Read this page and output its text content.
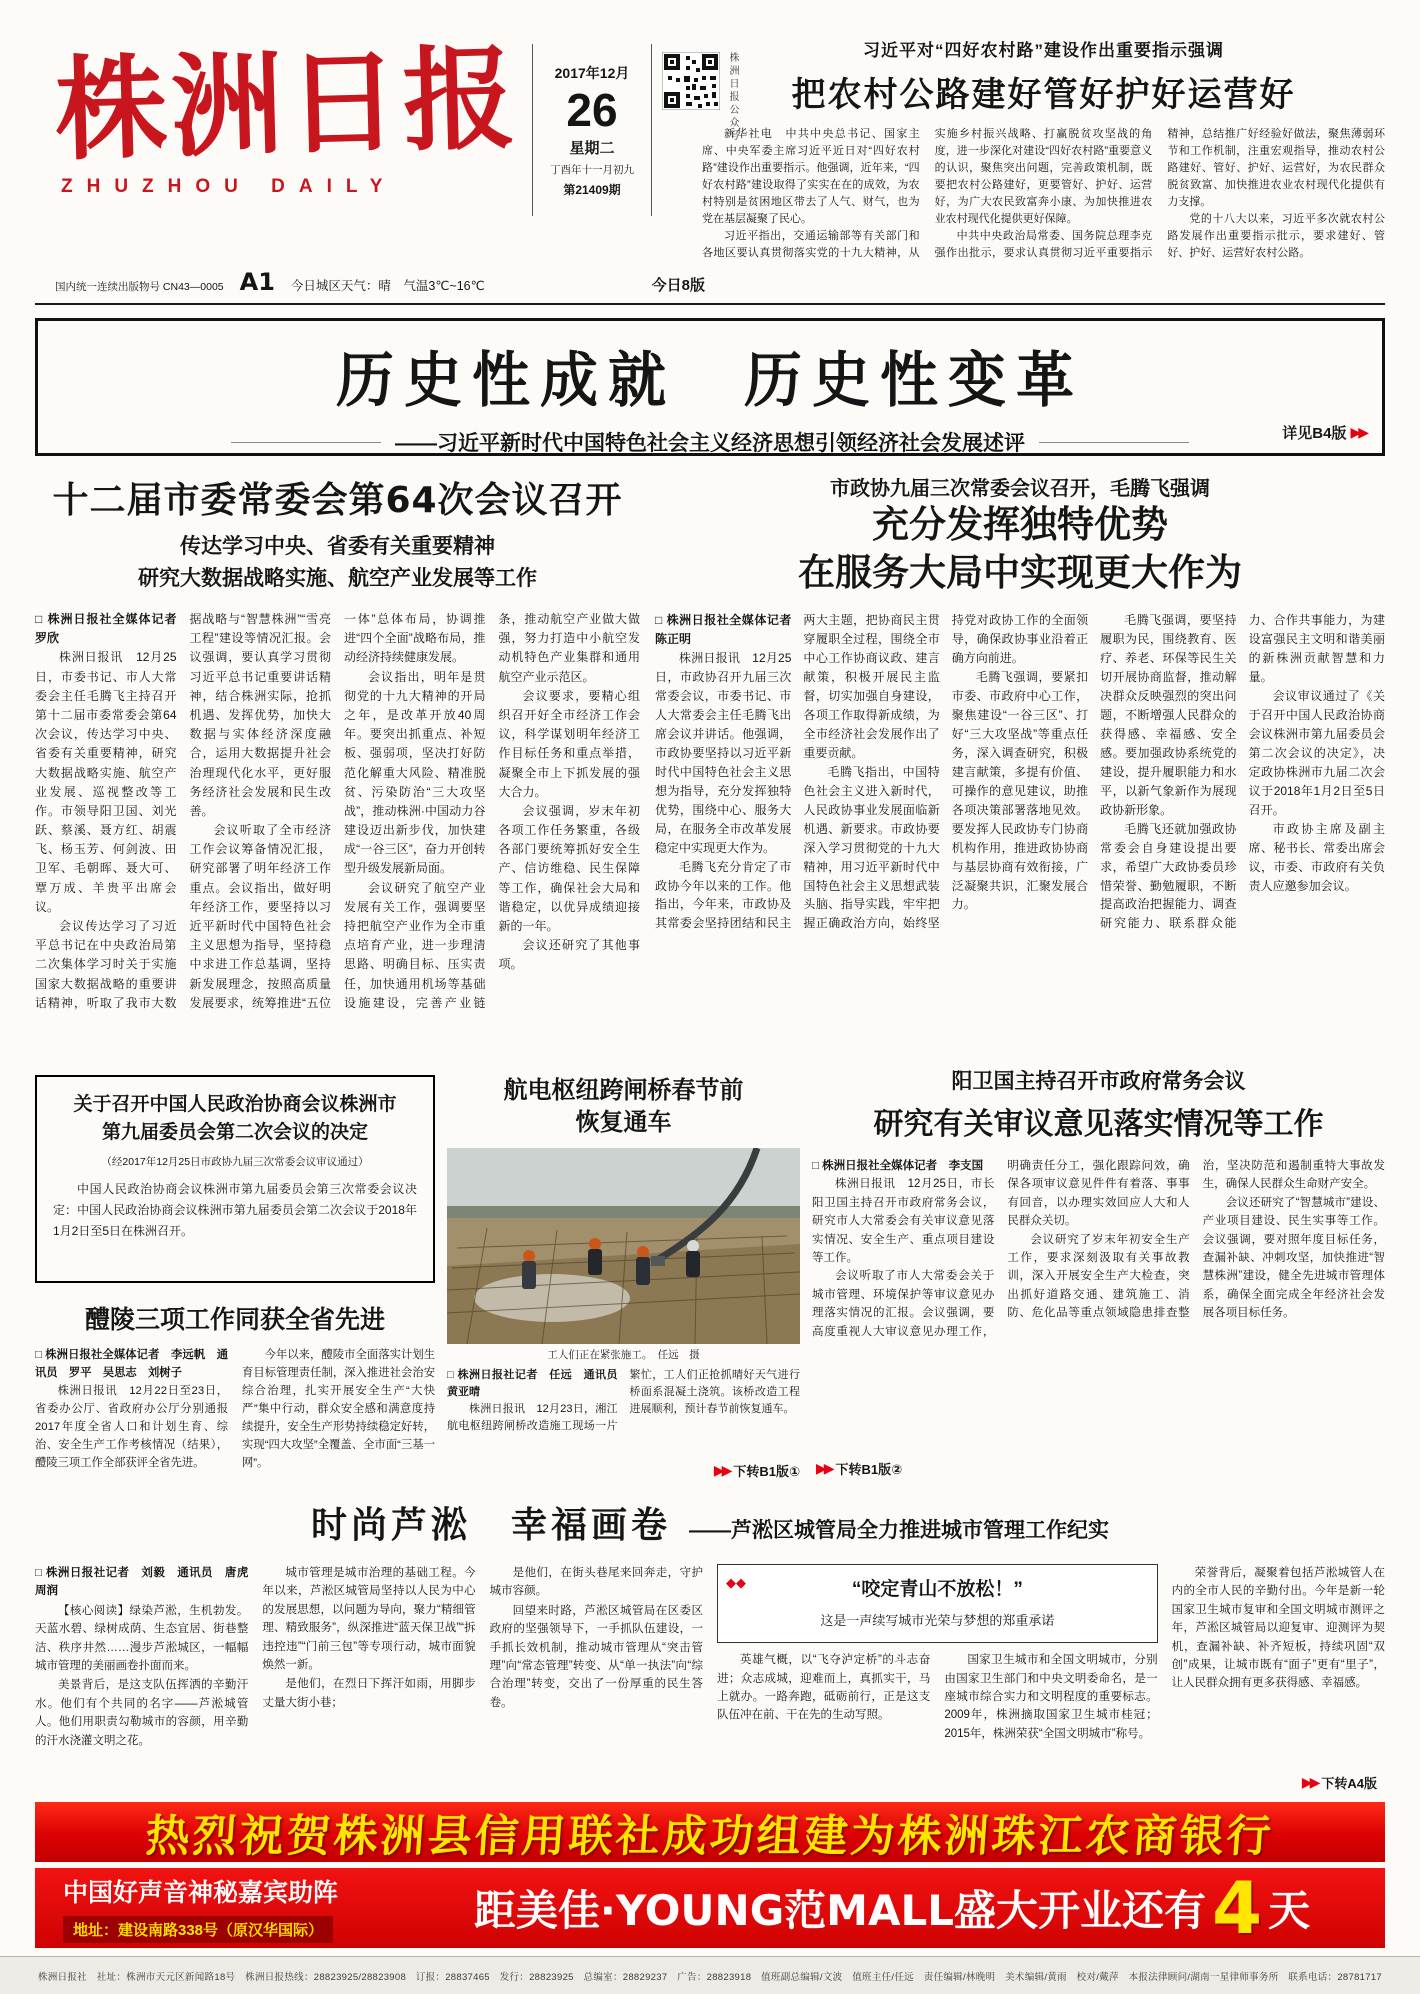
株洲日报
ZHUZHOU DAILY
2017年12月
26
星期二
丁酉年十一月初九
第21409期
株洲日报公众号
习近平对“四好农村路”建设作出重要指示强调
把农村公路建好管好护好运营好

新华社电　中共中央总书记、国家主席、中央军委主席习近平近日对“四好农村路”建设作出重要指示。他强调，近年来，“四好农村路”建设取得了实实在在的成效，为农村特别是贫困地区带去了人气、财气，也为党在基层凝聚了民心。

习近平指出，交通运输部等有关部门和各地区要认真贯彻落实党的十九大精神，从实施乡村振兴战略、打赢脱贫攻坚战的角度，进一步深化对建设“四好农村路”重要意义的认识，聚焦突出问题，完善政策机制，既要把农村公路建好，更要管好、护好、运营好，为广大农民致富奔小康、为加快推进农业农村现代化提供更好保障。

中共中央政治局常委、国务院总理李克强作出批示，要求认真贯彻习近平重要指示精神，总结推广好经验好做法，聚焦薄弱环节和工作机制，注重宏观指导，推动农村公路建好、管好、护好、运营好，为农民群众脱贫致富、加快推进农业农村现代化提供有力支撑。

党的十八大以来，习近平多次就农村公路发展作出重要指示批示，要求建好、管好、护好、运营好农村公路。

国内统一连续出版物号 CN43—0005 A1 今日城区天气：晴　气温3℃~16℃	今日8版
历史性成就　历史性变革
——习近平新时代中国特色社会主义经济思想引领经济社会发展述评	详见B4版 ▶▶
十二届市委常委会第64次会议召开
传达学习中央、省委有关重要精神
研究大数据战略实施、航空产业发展等工作

□ 株洲日报社全媒体记者　罗欣

株洲日报讯　12月25日，市委书记、市人大常委会主任毛腾飞主持召开第十二届市委常委会第64次会议，传达学习中央、省委有关重要精神，研究大数据战略实施、航空产业发展、巡视整改等工作。市领导阳卫国、刘光跃、蔡溪、聂方红、胡震飞、杨玉芳、何剑波、田卫军、毛朝晖、聂大可、覃万成、羊贵平出席会议。

会议传达学习了习近平总书记在中央政治局第二次集体学习时关于实施国家大数据战略的重要讲话精神，听取了我市大数据战略与“智慧株洲”“雪亮工程”建设等情况汇报。会议强调，要认真学习贯彻习近平总书记重要讲话精神，结合株洲实际，抢抓机遇、发挥优势，加快大数据与实体经济深度融合，运用大数据提升社会治理现代化水平，更好服务经济社会发展和民生改善。

会议听取了全市经济工作会议筹备情况汇报，研究部署了明年经济工作重点。会议指出，做好明年经济工作，要坚持以习近平新时代中国特色社会主义思想为指导，坚持稳中求进工作总基调，坚持新发展理念，按照高质量发展要求，统筹推进“五位一体”总体布局，协调推进“四个全面”战略布局，推动经济持续健康发展。

会议指出，明年是贯彻党的十九大精神的开局之年，是改革开放40周年。要突出抓重点、补短板、强弱项，坚决打好防范化解重大风险、精准脱贫、污染防治“三大攻坚战”，推动株洲·中国动力谷建设迈出新步伐，加快建成“一谷三区”，奋力开创转型升级发展新局面。

会议研究了航空产业发展有关工作，强调要坚持把航空产业作为全市重点培育产业，进一步理清思路、明确目标、压实责任，加快通用机场等基础设施建设，完善产业链条，推动航空产业做大做强，努力打造中小航空发动机特色产业集群和通用航空产业示范区。

会议要求，要精心组织召开好全市经济工作会议，科学谋划明年经济工作目标任务和重点举措，凝聚全市上下抓发展的强大合力。

会议强调，岁末年初各项工作任务繁重，各级各部门要统筹抓好安全生产、信访维稳、民生保障等工作，确保社会大局和谐稳定，以优异成绩迎接新的一年。

会议还研究了其他事项。

市政协九届三次常委会议召开，毛腾飞强调
充分发挥独特优势
在服务大局中实现更大作为

□ 株洲日报社全媒体记者　陈正明

株洲日报讯　12月25日，市政协召开九届三次常委会议，市委书记、市人大常委会主任毛腾飞出席会议并讲话。他强调，市政协要坚持以习近平新时代中国特色社会主义思想为指导，充分发挥独特优势，围绕中心、服务大局，在服务全市改革发展稳定中实现更大作为。

毛腾飞充分肯定了市政协今年以来的工作。他指出，今年来，市政协及其常委会坚持团结和民主两大主题，把协商民主贯穿履职全过程，围绕全市中心工作协商议政、建言献策，积极开展民主监督，切实加强自身建设，各项工作取得新成绩，为全市经济社会发展作出了重要贡献。

毛腾飞指出，中国特色社会主义进入新时代，人民政协事业发展面临新机遇、新要求。市政协要深入学习贯彻党的十九大精神，用习近平新时代中国特色社会主义思想武装头脑、指导实践，牢牢把握正确政治方向，始终坚持党对政协工作的全面领导，确保政协事业沿着正确方向前进。

毛腾飞强调，要紧扣市委、市政府中心工作，聚焦建设“一谷三区”、打好“三大攻坚战”等重点任务，深入调查研究，积极建言献策，多提有价值、可操作的意见建议，助推各项决策部署落地见效。要发挥人民政协专门协商机构作用，推进政协协商与基层协商有效衔接，广泛凝聚共识，汇聚发展合力。

毛腾飞强调，要坚持履职为民，围绕教育、医疗、养老、环保等民生关切开展协商监督，推动解决群众反映强烈的突出问题，不断增强人民群众的获得感、幸福感、安全感。要加强政协系统党的建设，提升履职能力和水平，以新气象新作为展现政协新形象。

毛腾飞还就加强政协常委会自身建设提出要求，希望广大政协委员珍惜荣誉、勤勉履职，不断提高政治把握能力、调查研究能力、联系群众能力、合作共事能力，为建设富强民主文明和谐美丽的新株洲贡献智慧和力量。

会议审议通过了《关于召开中国人民政治协商会议株洲市第九届委员会第二次会议的决定》，决定政协株洲市九届二次会议于2018年1月2日至5日召开。

市政协主席及副主席、秘书长、常委出席会议，市委、市政府有关负责人应邀参加会议。

关于召开中国人民政治协商会议株洲市
第九届委员会第二次会议的决定
（经2017年12月25日市政协九届三次常委会议审议通过）
中国人民政治协商会议株洲市第九届委员会第三次常委会议决定：中国人民政治协商会议株洲市第九届委员会第二次会议于2018年1月2日至5日在株洲召开。
醴陵三项工作同获全省先进

□ 株洲日报社全媒体记者　李远帆　通讯员　罗平　吴思志　刘树子

株洲日报讯　12月22日至23日，省委办公厅、省政府办公厅分别通报2017年度全省人口和计划生育、综治、安全生产工作考核情况（结果），醴陵三项工作全部获评全省先进。

今年以来，醴陵市全面落实计划生育目标管理责任制，深入推进社会治安综合治理，扎实开展安全生产“大快严”集中行动，群众安全感和满意度持续提升，安全生产形势持续稳定好转，实现“四大攻坚”全覆盖、全市面“三基一网”。

航电枢纽跨闸桥春节前
恢复通车
工人们正在紧张施工。　任远　摄

□ 株洲日报社记者　任远　通讯员　黄亚晴

株洲日报讯　12月23日，湘江航电枢纽跨闸桥改造施工现场一片繁忙，工人们正抢抓晴好天气进行桥面系混凝土浇筑。该桥改造工程进展顺利，预计春节前恢复通车。

▶▶ 下转B1版①
阳卫国主持召开市政府常务会议
研究有关审议意见落实情况等工作

□ 株洲日报社全媒体记者　李支国

株洲日报讯　12月25日，市长阳卫国主持召开市政府常务会议，研究市人大常委会有关审议意见落实情况、安全生产、重点项目建设等工作。

会议听取了市人大常委会关于城市管理、环境保护等审议意见办理落实情况的汇报。会议强调，要高度重视人大审议意见办理工作，明确责任分工，强化跟踪问效，确保各项审议意见件件有着落、事事有回音，以办理实效回应人大和人民群众关切。

会议研究了岁末年初安全生产工作，要求深刻汲取有关事故教训，深入开展安全生产大检查，突出抓好道路交通、建筑施工、消防、危化品等重点领域隐患排查整治，坚决防范和遏制重特大事故发生，确保人民群众生命财产安全。

会议还研究了“智慧城市”建设、产业项目建设、民生实事等工作。会议强调，要对照年度目标任务，查漏补缺、冲刺攻坚，加快推进“智慧株洲”建设，健全先进城市管理体系，确保全面完成全年经济社会发展各项目标任务。

▶▶ 下转B1版②
时尚芦淞　幸福画卷 ——芦淞区城管局全力推进城市管理工作纪实

□ 株洲日报社记者　刘毅　通讯员　唐虎　周润

【核心阅读】绿染芦淞，生机勃发。天蓝水碧、绿树成荫、生态宜居、街巷整洁、秩序井然……漫步芦淞城区，一幅幅城市管理的美丽画卷扑面而来。

美景背后，是这支队伍挥洒的辛勤汗水。他们有个共同的名字——芦淞城管人。他们用职责勾勒城市的容颜，用辛勤的汗水浇灌文明之花。

城市管理是城市治理的基础工程。今年以来，芦淞区城管局坚持以人民为中心的发展思想，以问题为导向，聚力“精细管理、精致服务”，纵深推进“蓝天保卫战”“拆违控违”“门前三包”等专项行动，城市面貌焕然一新。

是他们，在烈日下挥汗如雨，用脚步丈量大街小巷；

是他们，在街头巷尾来回奔走，守护城市容颜。

回望来时路，芦淞区城管局在区委区政府的坚强领导下，一手抓队伍建设，一手抓长效机制，推动城市管理从“突击管理”向“常态管理”转变、从“单一执法”向“综合治理”转变，交出了一份厚重的民生答卷。

◆◆	“咬定青山不放松！”
这是一声续写城市光荣与梦想的郑重承诺

英雄气概，以“飞夺泸定桥”的斗志奋进；众志成城，迎难而上，真抓实干，马上就办。一路奔跑，砥砺前行，正是这支队伍冲在前、干在先的生动写照。

国家卫生城市和全国文明城市，分别由国家卫生部门和中央文明委命名，是一座城市综合实力和文明程度的重要标志。2009年，株洲摘取国家卫生城市桂冠；2015年，株洲荣获“全国文明城市”称号。

荣誉背后，凝聚着包括芦淞城管人在内的全市人民的辛勤付出。今年是新一轮国家卫生城市复审和全国文明城市测评之年，芦淞区城管局以迎复审、迎测评为契机，查漏补缺、补齐短板，持续巩固“双创”成果，让城市既有“面子”更有“里子”，让人民群众拥有更多获得感、幸福感。

▶▶ 下转A4版
热烈祝贺株洲县信用联社成功组建为株洲珠江农商银行
中国好声音神秘嘉宾助阵
地址：建设南路338号（原汉华国际）	距美佳·YOUNG范MALL盛大开业还有 4 天
株洲日报社　社址：株洲市天元区新闻路18号　株洲日报热线：28823925/28823908　订报：28837465　发行：28823925　总编室：28829237　广告：28823918　值班副总编辑/文波　值班主任/任远　责任编辑/林晚明　美术编辑/黄雨　校对/戴萍　本报法律顾问/湖南一星律师事务所　联系电话：28781717
